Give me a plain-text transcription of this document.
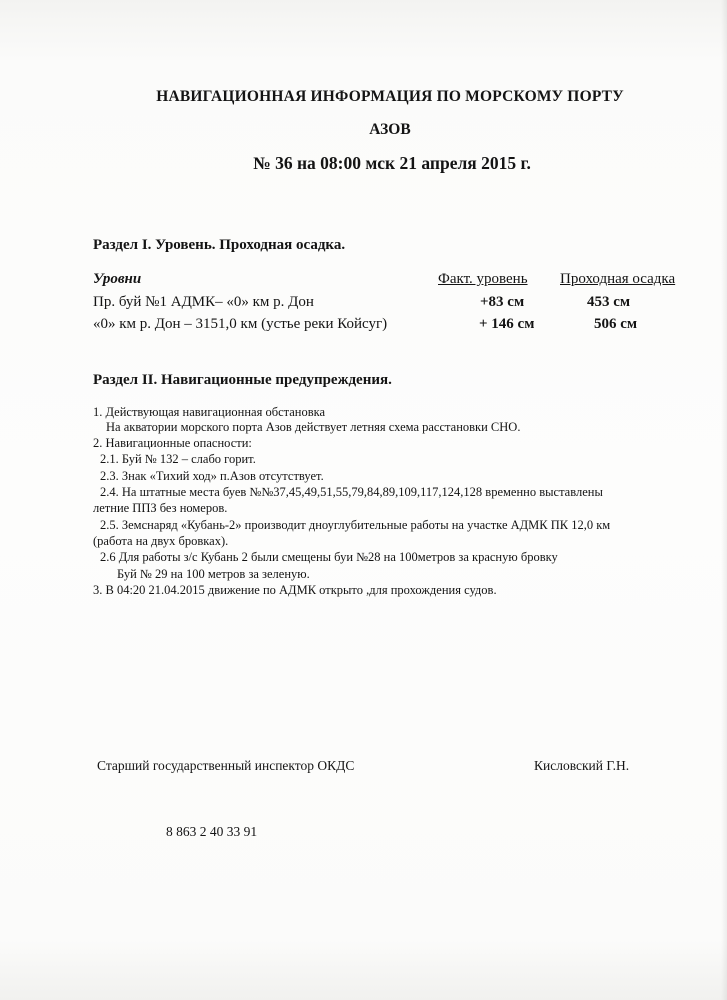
НАВИГАЦИОННАЯ ИНФОРМАЦИЯ ПО МОРСКОМУ ПОРТУ
АЗОВ
№ 36 на 08:00 мск 21 апреля 2015 г.
Раздел I. Уровень. Проходная осадка.
Уровни	Факт. уровень Проходная осадка
Пр. буй №1 АДМК– «0» км р. Дон	+83 см	453 см
«0» км р. Дон – 3151,0 км (устье реки Койсуг)	+ 146 см	506 см
Раздел II. Навигационные предупреждения.
1. Действующая навигационная обстановка
На акватории морского порта Азов действует летняя схема расстановки СНО.
2. Навигационные опасности:
2.1. Буй № 132 – слабо горит.
2.3. Знак «Тихий ход» п.Азов отсутствует.
2.4. На штатные места буев №№37,45,49,51,55,79,84,89,109,117,124,128 временно выставлены
летние ППЗ без номеров.
2.5. Земснаряд «Кубань-2» производит дноуглубительные работы на участке АДМК ПК 12,0 км
(работа на двух бровках).
2.6 Для работы з/с Кубань 2 были смещены буи №28 на 100метров за красную бровку
Буй № 29 на 100 метров за зеленую.
3. В 04:20 21.04.2015 движение по АДМК открыто ,для прохождения судов.
Старший государственный инспектор ОКДС	Кисловский Г.Н.
8 863 2 40 33 91
